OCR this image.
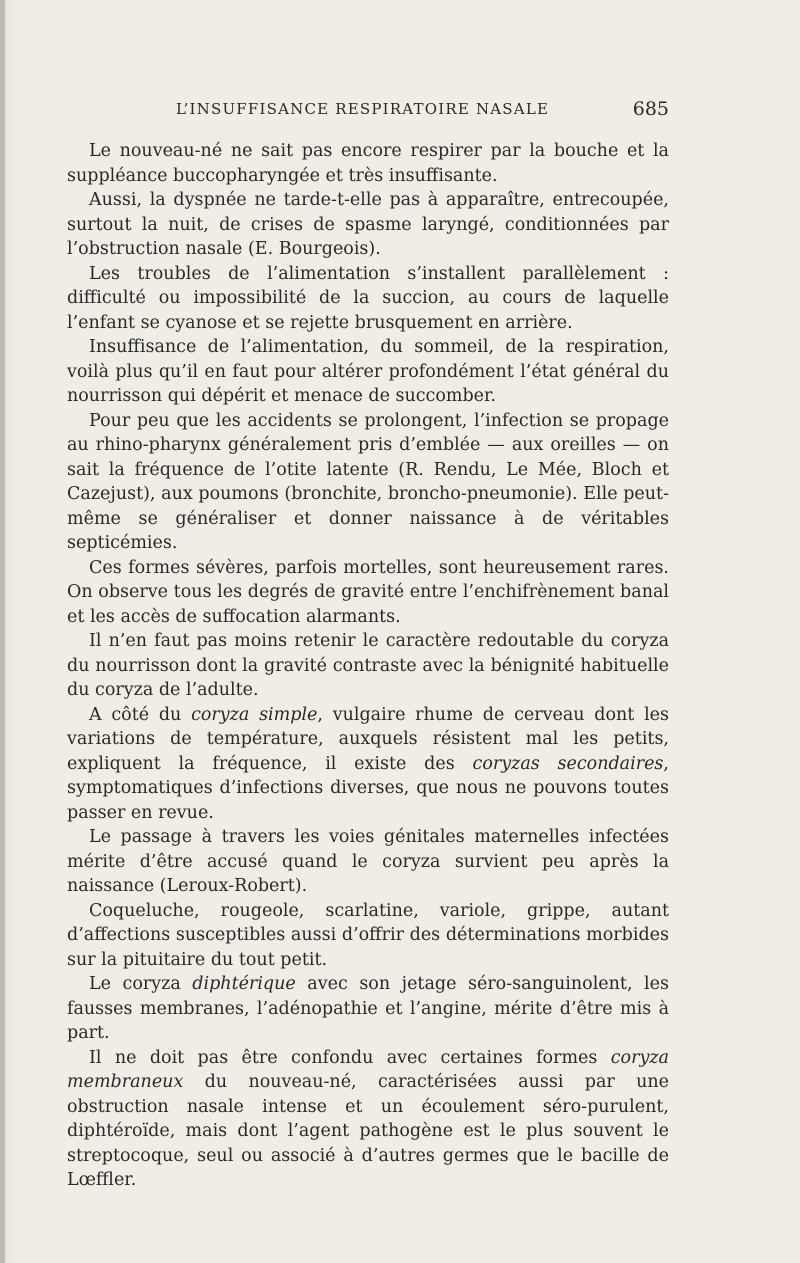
L’INSUFFISANCE RESPIRATOIRE NASALE	685

Le nouveau-né ne sait pas encore respirer par la bouche et la suppléance buccopharyngée et très insuffisante.

Aussi, la dyspnée ne tarde-t-elle pas à apparaître, entrecoupée, surtout la nuit, de crises de spasme laryngé, conditionnées par l’obstruction nasale (E. Bourgeois).

Les troubles de l’alimentation s’installent parallèlement : difficulté ou impossibilité de la succion, au cours de laquelle l’enfant se cyanose et se rejette brusquement en arrière.

Insuffisance de l’alimentation, du sommeil, de la respiration, voilà plus qu’il en faut pour altérer profondément l’état général du nourrisson qui dépérit et menace de succomber.

Pour peu que les accidents se prolongent, l’infection se propage au rhino-pharynx généralement pris d’emblée — aux oreilles — on sait la fréquence de l’otite latente (R. Rendu, Le Mée, Bloch et Cazejust), aux poumons (bronchite, broncho-pneumonie). Elle peut-même se généraliser et donner naissance à de véritables septicémies.

Ces formes sévères, parfois mortelles, sont heureusement rares. On observe tous les degrés de gravité entre l’enchifrènement banal et les accès de suffocation alarmants.

Il n’en faut pas moins retenir le caractère redoutable du coryza du nourrisson dont la gravité contraste avec la bénignité habituelle du coryza de l’adulte.

A côté du coryza simple, vulgaire rhume de cerveau dont les variations de température, auxquels résistent mal les petits, expliquent la fréquence, il existe des coryzas secondaires, symptomatiques d’infections diverses, que nous ne pouvons toutes passer en revue.

Le passage à travers les voies génitales maternelles infectées mérite d’être accusé quand le coryza survient peu après la naissance (Leroux-Robert).

Coqueluche, rougeole, scarlatine, variole, grippe, autant d’affections susceptibles aussi d’offrir des déterminations morbides sur la pituitaire du tout petit.

Le coryza diphtérique avec son jetage séro-sanguinolent, les fausses membranes, l’adénopathie et l’angine, mérite d’être mis à part.

Il ne doit pas être confondu avec certaines formes coryza membraneux du nouveau-né, caractérisées aussi par une obstruction nasale intense et un écoulement séro-purulent, diphtéroïde, mais dont l’agent pathogène est le plus souvent le streptocoque, seul ou associé à d’autres germes que le bacille de Lœffler.
